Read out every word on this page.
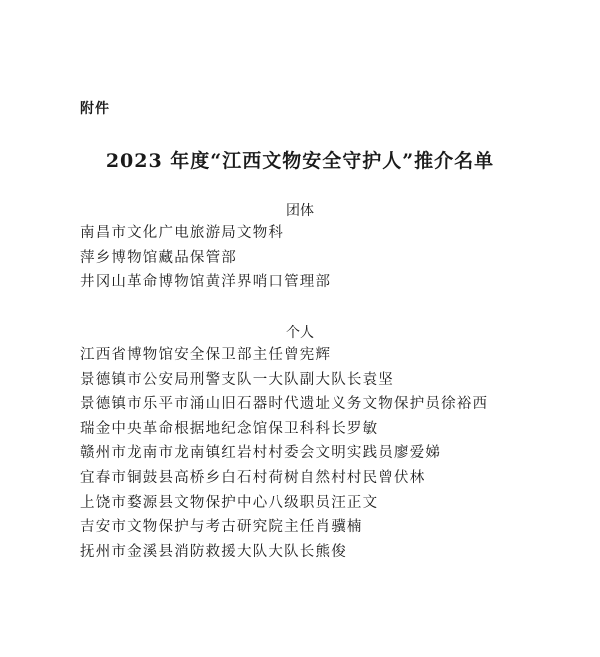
附件
2023 年度“江西文物安全守护人”推介名单
团体
南昌市文化广电旅游局文物科
萍乡博物馆藏品保管部
井冈山革命博物馆黄洋界哨口管理部
个人
江西省博物馆安全保卫部主任曾宪辉
景德镇市公安局刑警支队一大队副大队长袁坚
景德镇市乐平市涌山旧石器时代遗址义务文物保护员徐裕西
瑞金中央革命根据地纪念馆保卫科科长罗敏
赣州市龙南市龙南镇红岩村村委会文明实践员廖爱娣
宜春市铜鼓县高桥乡白石村荷树自然村村民曾伏林
上饶市婺源县文物保护中心八级职员汪正文
吉安市文物保护与考古研究院主任肖骥楠
抚州市金溪县消防救援大队大队长熊俊
